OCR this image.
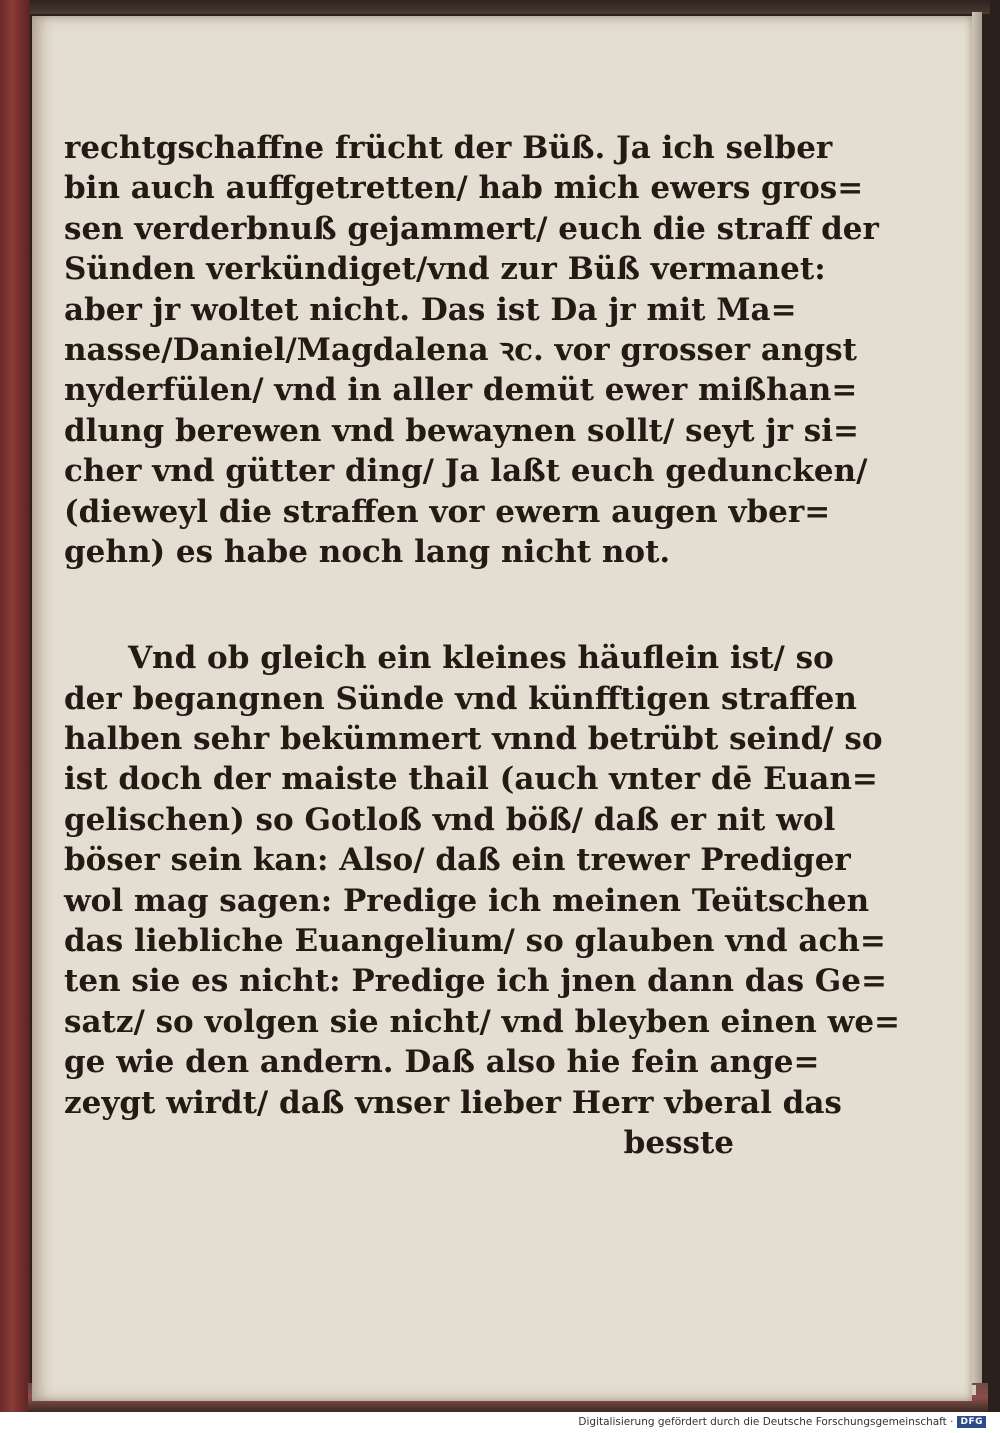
rechtgschaffne frücht der Büß. Ja ich selber
bin auch auffgetretten/ hab mich ewers gros=
sen verderbnuß gejammert/ euch die straff der
Sünden verkündiget/vnd zur Büß vermanet:
aber jr woltet nicht. Das ist Da jr mit Ma=
nasse/Daniel/Magdalena ꝛc. vor grosser angst
nyderfülen/ vnd in aller demüt ewer mißhan=
dlung berewen vnd bewaynen sollt/ seyt jr si=
cher vnd gütter ding/ Ja laßt euch geduncken/
(dieweyl die straffen vor ewern augen vber=
gehn) es habe noch lang nicht not.
Vnd ob gleich ein kleines häuflein ist/ so
der begangnen Sünde vnd künfftigen straffen
halben sehr bekümmert vnnd betrübt seind/ so
ist doch der maiste thail (auch vnter dē Euan=
gelischen) so Gotloß vnd böß/ daß er nit wol
böser sein kan: Also/ daß ein trewer Prediger
wol mag sagen: Predige ich meinen Teütschen
das liebliche Euangelium/ so glauben vnd ach=
ten sie es nicht: Predige ich jnen dann das Ge=
satz/ so volgen sie nicht/ vnd bleyben einen we=
ge wie den andern. Daß also hie fein ange=
zeygt wirdt/ daß vnser lieber Herr vberal das
besste
Digitalisierung gefördert durch die Deutsche Forschungsgemeinschaft · DFG
